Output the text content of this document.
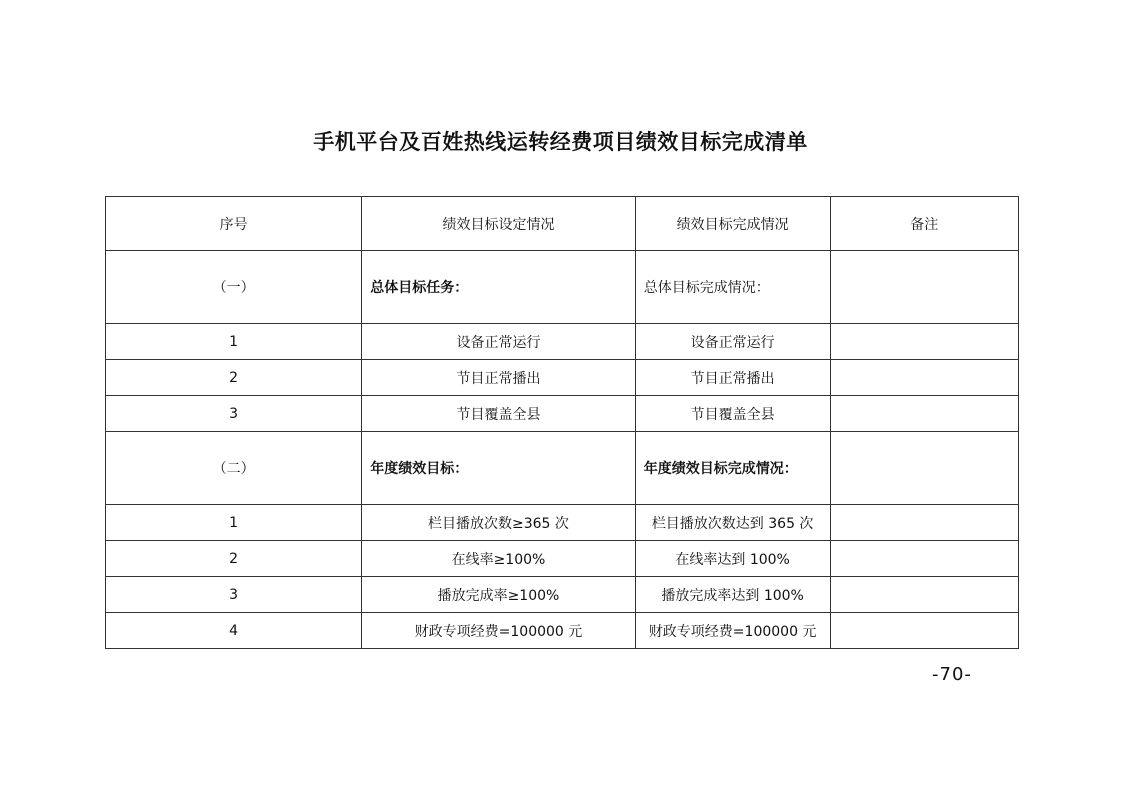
手机平台及百姓热线运转经费项目绩效目标完成清单
序号	绩效目标设定情况	绩效目标完成情况	备注
（一）	总体目标任务：	总体目标完成情况：	
1	设备正常运行	设备正常运行	
2	节目正常播出	节目正常播出	
3	节目覆盖全县	节目覆盖全县	
（二）	年度绩效目标：	年度绩效目标完成情况：	
1	栏目播放次数≥365 次	栏目播放次数达到 365 次	
2	在线率≥100%	在线率达到 100%	
3	播放完成率≥100%	播放完成率达到 100%	
4	财政专项经费=100000 元	财政专项经费=100000 元	
-70-
